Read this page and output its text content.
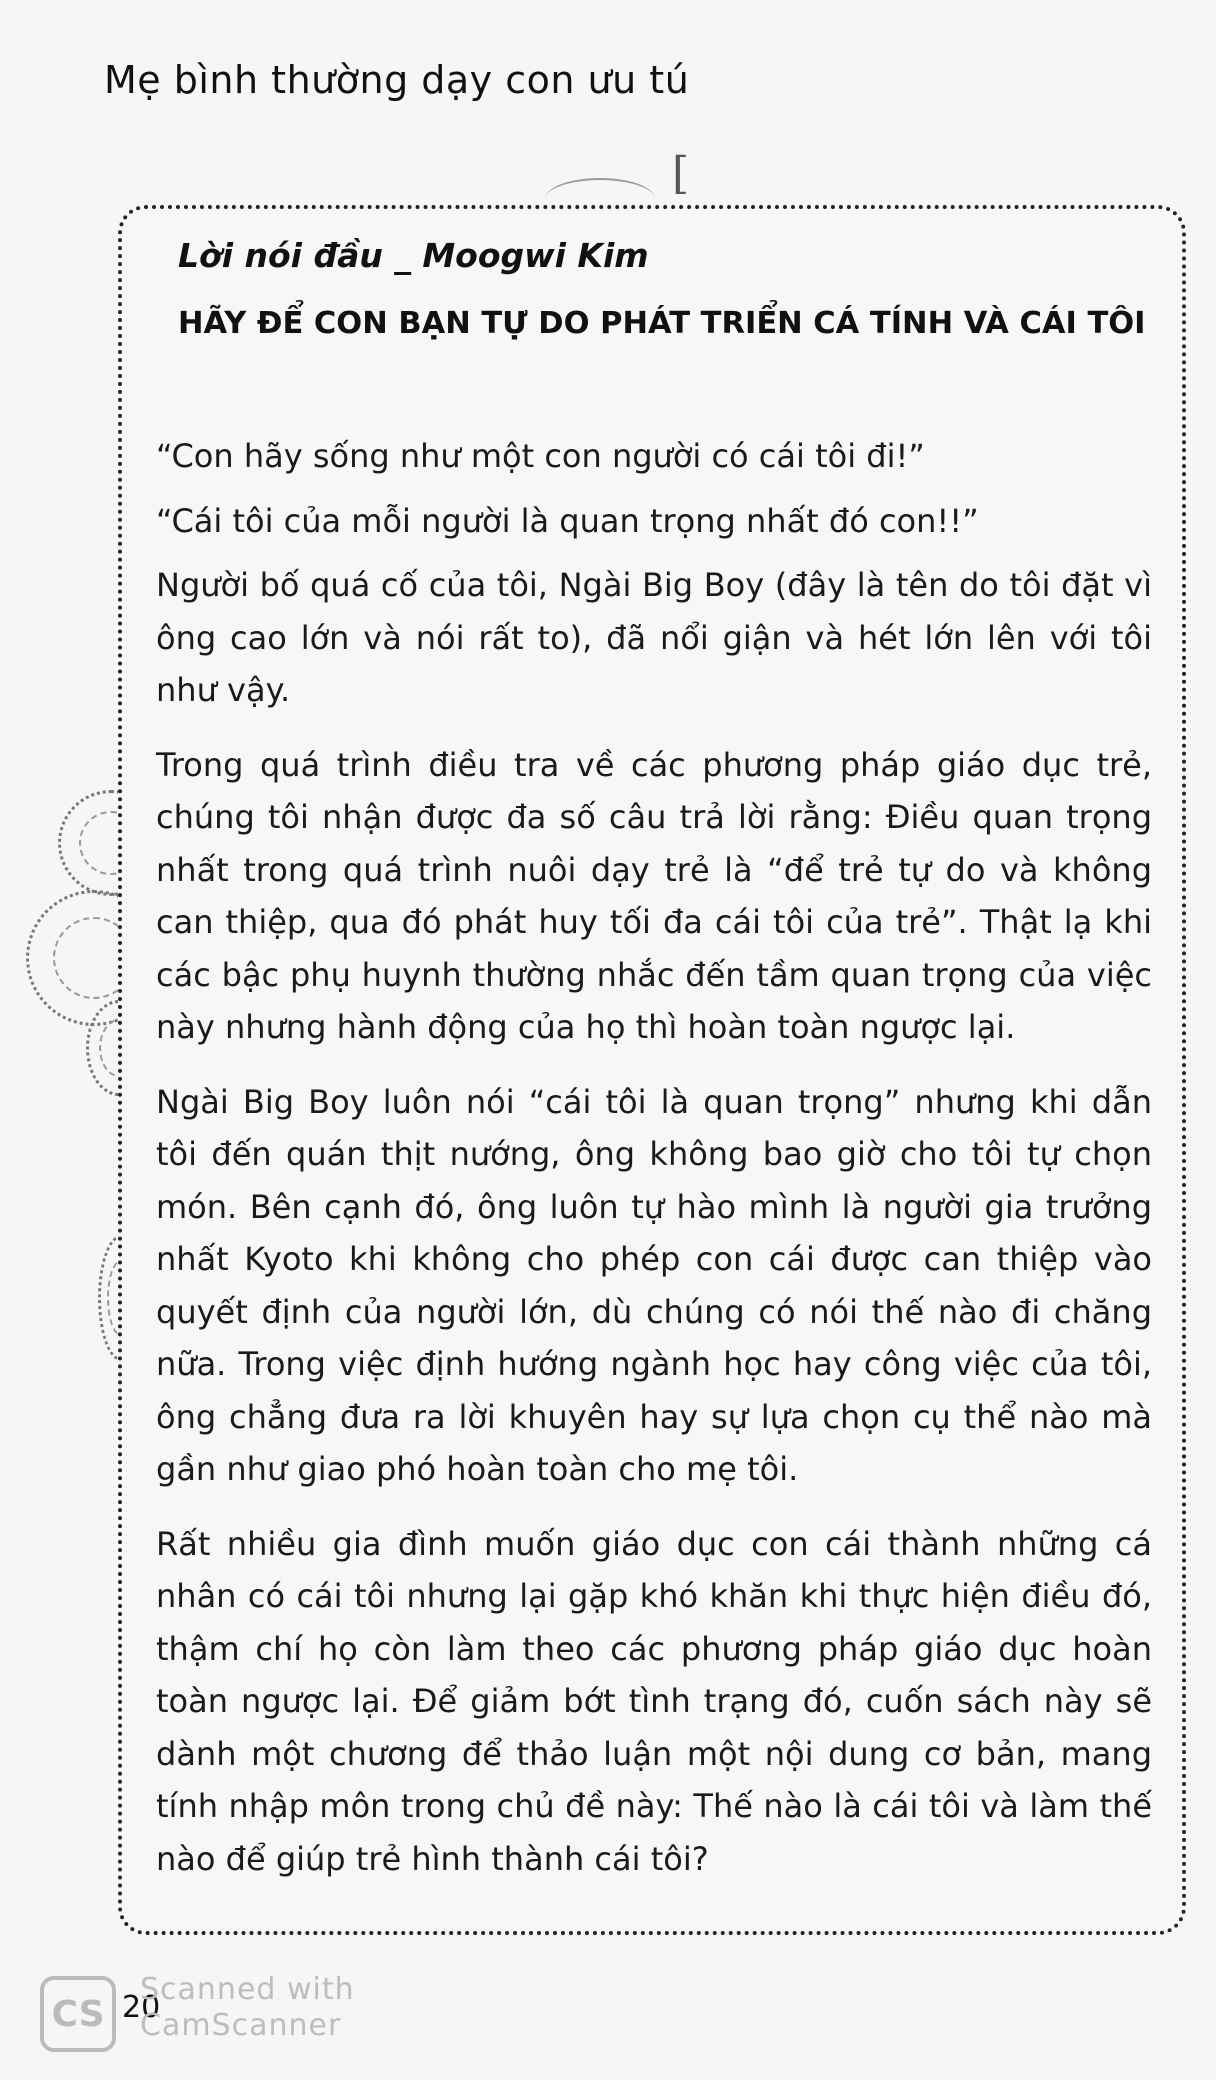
Mẹ bình thường dạy con ưu tú
[
Lời nói đầu _ Moogwi Kim
HÃY ĐỂ CON BẠN TỰ DO PHÁT TRIỂN CÁ TÍNH VÀ CÁI TÔI

“Con hãy sống như một con người có cái tôi đi!”

“Cái tôi của mỗi người là quan trọng nhất đó con!!”

Người bố quá cố của tôi, Ngài Big Boy (đây là tên do tôi đặt vì ông cao lớn và nói rất to), đã nổi giận và hét lớn lên với tôi như vậy.

Trong quá trình điều tra về các phương pháp giáo dục trẻ, chúng tôi nhận được đa số câu trả lời rằng: Điều quan trọng nhất trong quá trình nuôi dạy trẻ là “để trẻ tự do và không can thiệp, qua đó phát huy tối đa cái tôi của trẻ”. Thật lạ khi các bậc phụ huynh thường nhắc đến tầm quan trọng của việc này nhưng hành động của họ thì hoàn toàn ngược lại.

Ngài Big Boy luôn nói “cái tôi là quan trọng” nhưng khi dẫn tôi đến quán thịt nướng, ông không bao giờ cho tôi tự chọn món. Bên cạnh đó, ông luôn tự hào mình là người gia trưởng nhất Kyoto khi không cho phép con cái được can thiệp vào quyết định của người lớn, dù chúng có nói thế nào đi chăng nữa. Trong việc định hướng ngành học hay công việc của tôi, ông chẳng đưa ra lời khuyên hay sự lựa chọn cụ thể nào mà gần như giao phó hoàn toàn cho mẹ tôi.

Rất nhiều gia đình muốn giáo dục con cái thành những cá nhân có cái tôi nhưng lại gặp khó khăn khi thực hiện điều đó, thậm chí họ còn làm theo các phương pháp giáo dục hoàn toàn ngược lại. Để giảm bớt tình trạng đó, cuốn sách này sẽ dành một chương để thảo luận một nội dung cơ bản, mang tính nhập môn trong chủ đề này: Thế nào là cái tôi và làm thế nào để giúp trẻ hình thành cái tôi?

CS 20
Scanned with
CamScanner
